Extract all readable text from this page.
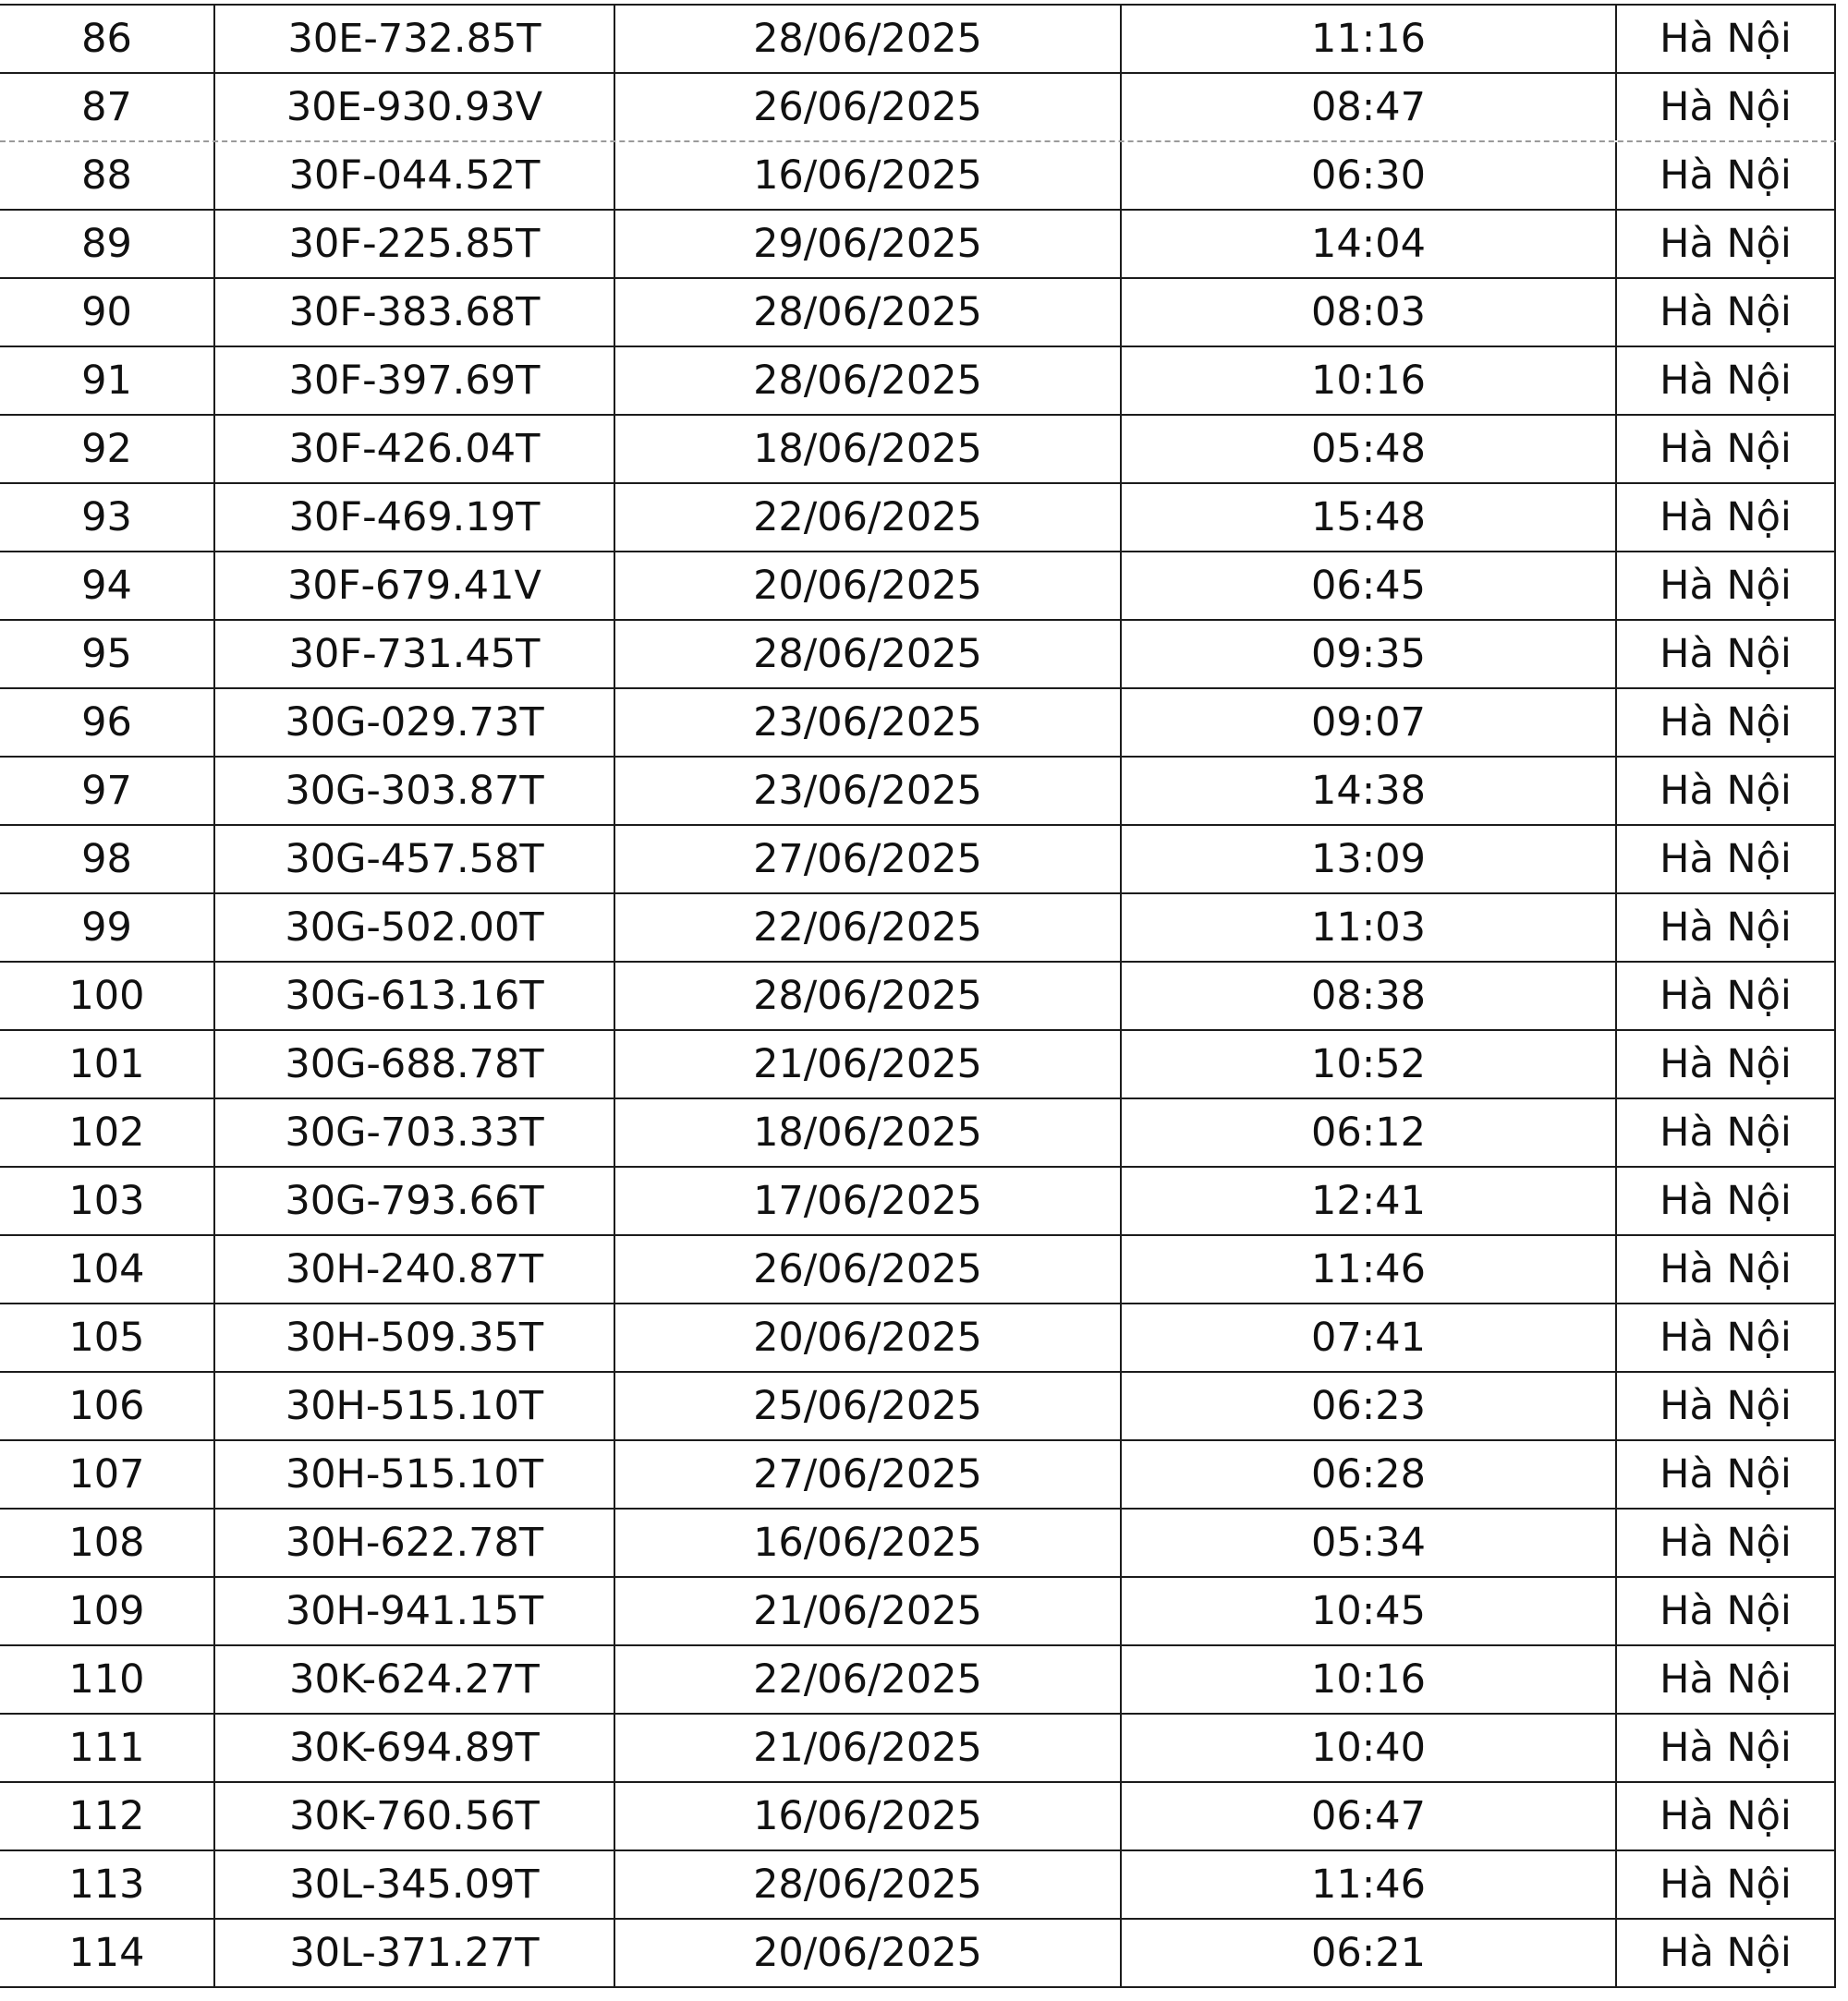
86	30E-732.85T	28/06/2025	11:16	Hà Nội
87	30E-930.93V	26/06/2025	08:47	Hà Nội
88	30F-044.52T	16/06/2025	06:30	Hà Nội
89	30F-225.85T	29/06/2025	14:04	Hà Nội
90	30F-383.68T	28/06/2025	08:03	Hà Nội
91	30F-397.69T	28/06/2025	10:16	Hà Nội
92	30F-426.04T	18/06/2025	05:48	Hà Nội
93	30F-469.19T	22/06/2025	15:48	Hà Nội
94	30F-679.41V	20/06/2025	06:45	Hà Nội
95	30F-731.45T	28/06/2025	09:35	Hà Nội
96	30G-029.73T	23/06/2025	09:07	Hà Nội
97	30G-303.87T	23/06/2025	14:38	Hà Nội
98	30G-457.58T	27/06/2025	13:09	Hà Nội
99	30G-502.00T	22/06/2025	11:03	Hà Nội
100	30G-613.16T	28/06/2025	08:38	Hà Nội
101	30G-688.78T	21/06/2025	10:52	Hà Nội
102	30G-703.33T	18/06/2025	06:12	Hà Nội
103	30G-793.66T	17/06/2025	12:41	Hà Nội
104	30H-240.87T	26/06/2025	11:46	Hà Nội
105	30H-509.35T	20/06/2025	07:41	Hà Nội
106	30H-515.10T	25/06/2025	06:23	Hà Nội
107	30H-515.10T	27/06/2025	06:28	Hà Nội
108	30H-622.78T	16/06/2025	05:34	Hà Nội
109	30H-941.15T	21/06/2025	10:45	Hà Nội
110	30K-624.27T	22/06/2025	10:16	Hà Nội
111	30K-694.89T	21/06/2025	10:40	Hà Nội
112	30K-760.56T	16/06/2025	06:47	Hà Nội
113	30L-345.09T	28/06/2025	11:46	Hà Nội
114	30L-371.27T	20/06/2025	06:21	Hà Nội
